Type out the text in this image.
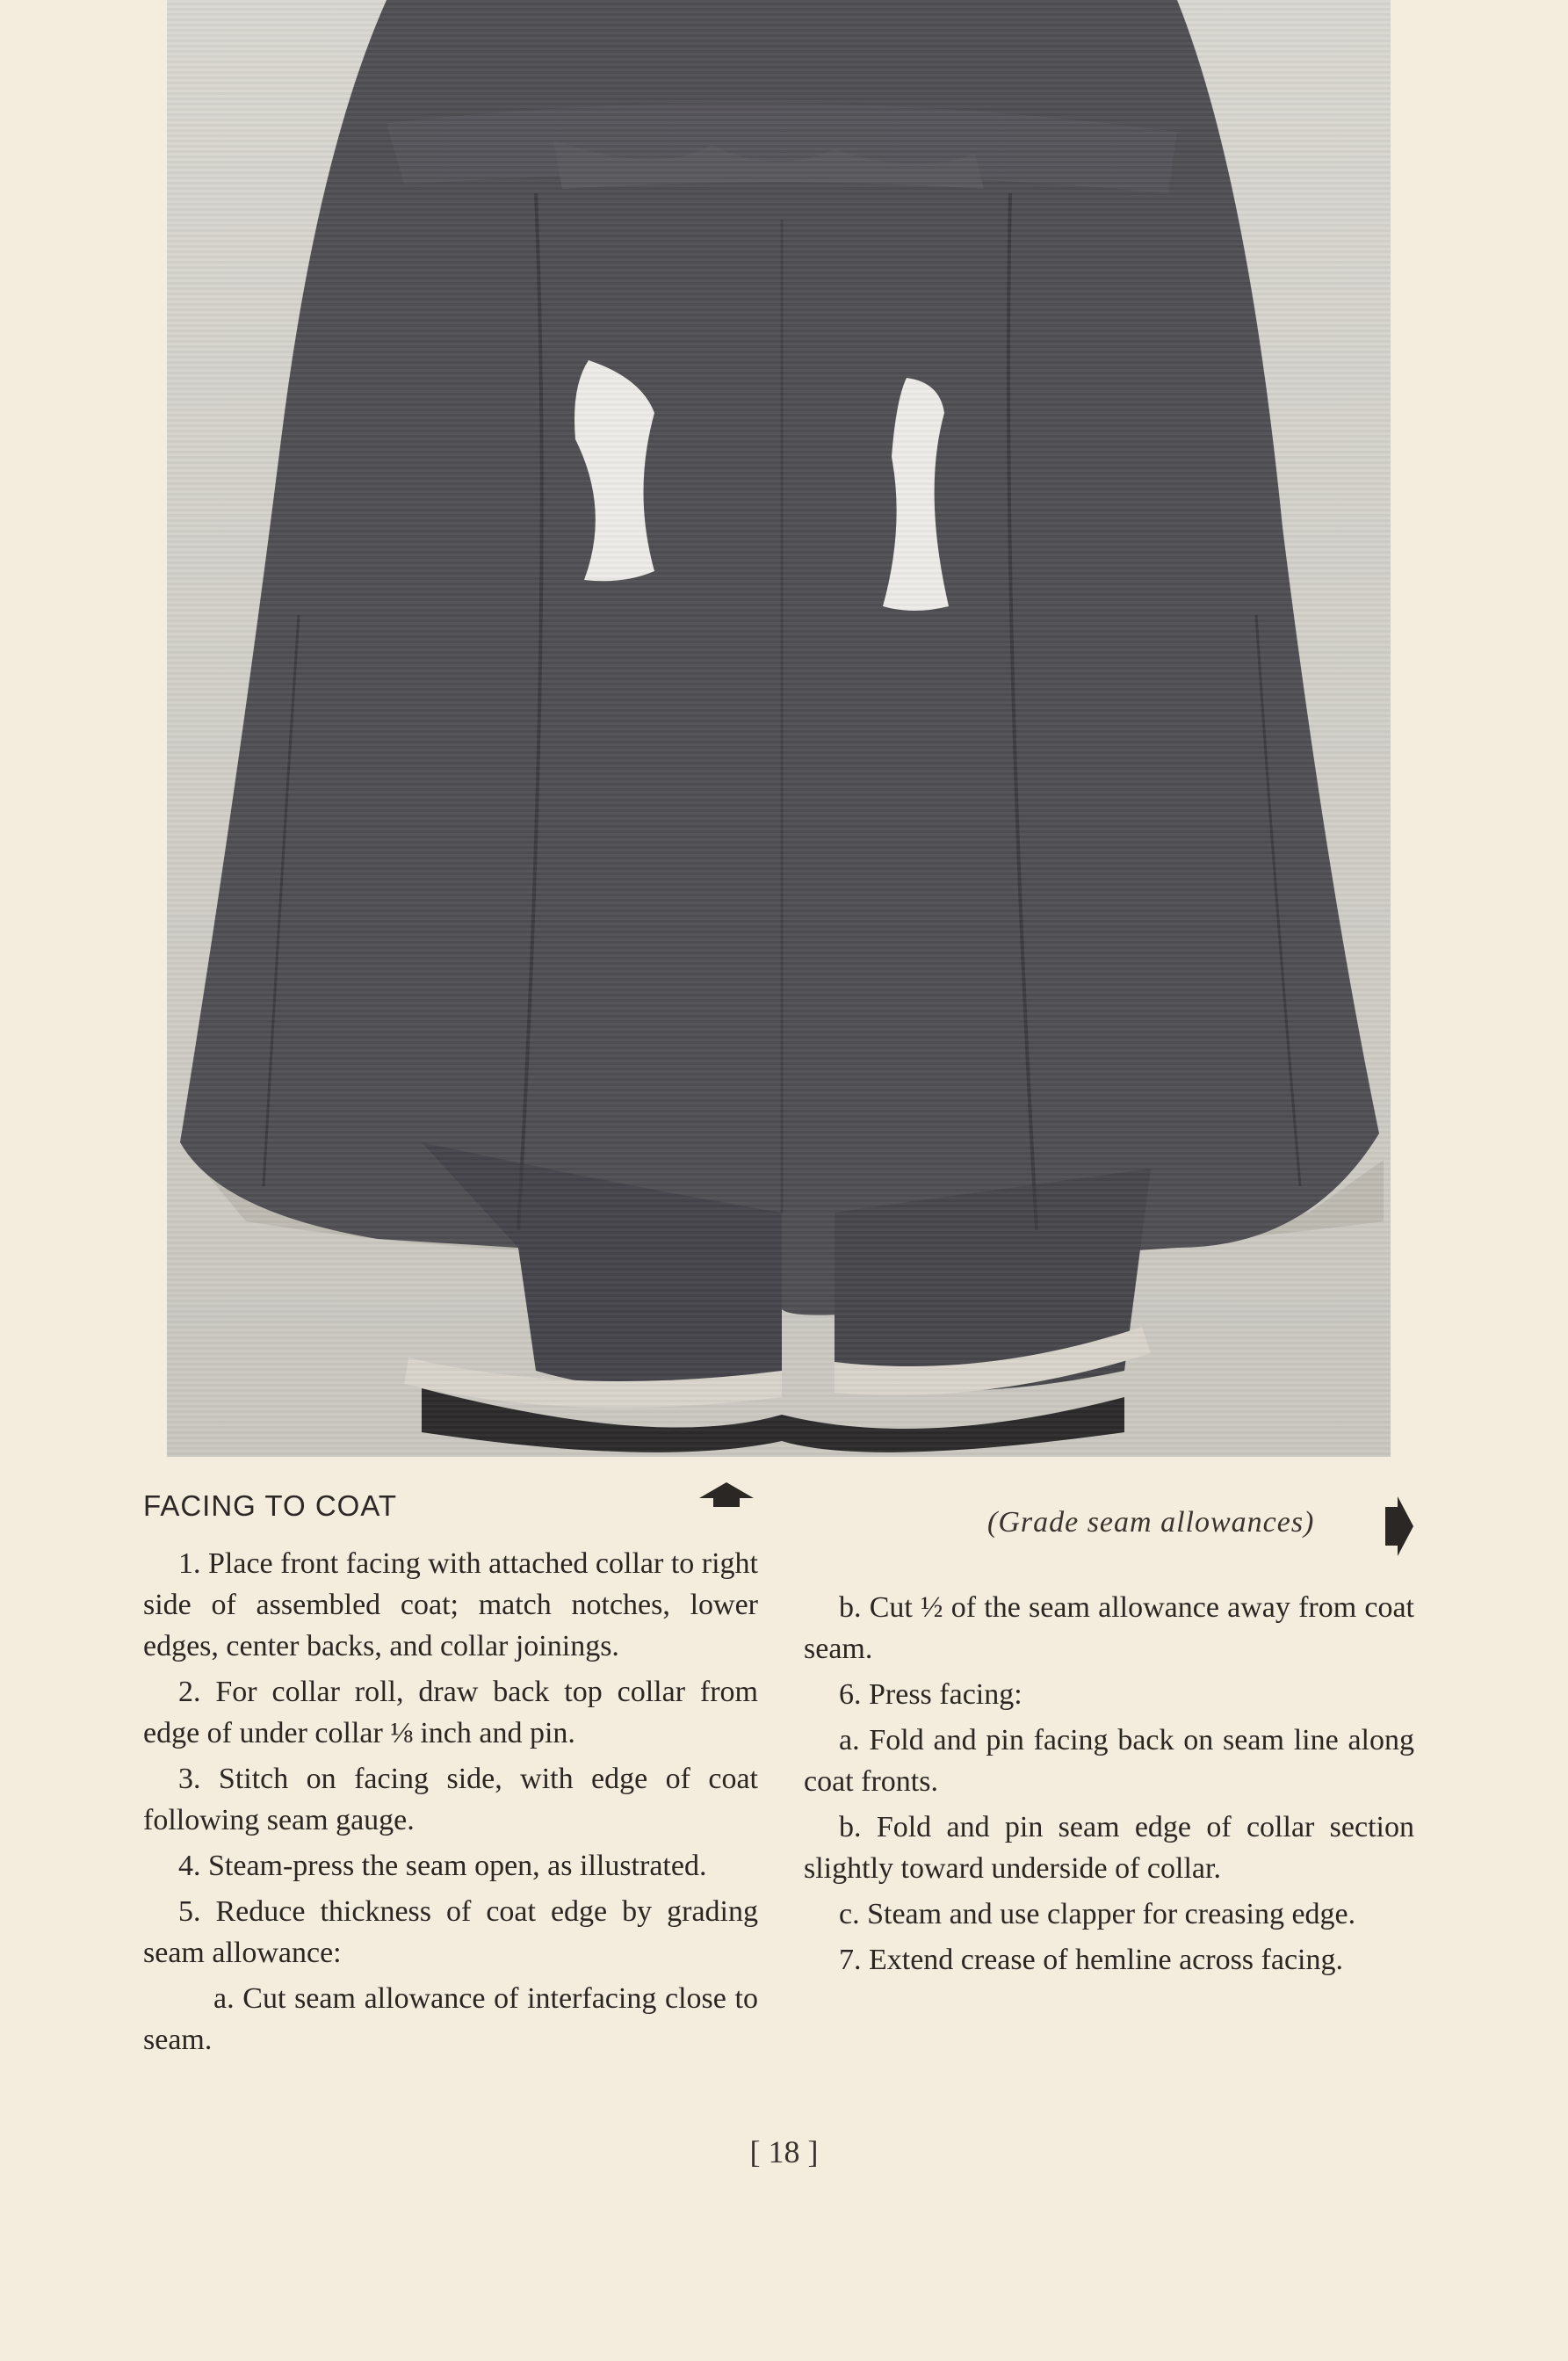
FACING TO COAT
(Grade seam allowances)

1. Place front facing with attached collar to right side of assembled coat; match notches, lower edges, center backs, and collar joinings.

2. For collar roll, draw back top collar from edge of under collar ⅛ inch and pin.

3. Stitch on facing side, with edge of coat following seam gauge.

4. Steam-press the seam open, as illustrated.

5. Reduce thickness of coat edge by grading seam allowance:

a. Cut seam allowance of interfacing close to seam.

b. Cut ½ of the seam allowance away from coat seam.

6. Press facing:

a. Fold and pin facing back on seam line along coat fronts.

b. Fold and pin seam edge of collar section slightly toward underside of collar.

c. Steam and use clapper for creasing edge.

7. Extend crease of hemline across facing.

[ 18 ]
